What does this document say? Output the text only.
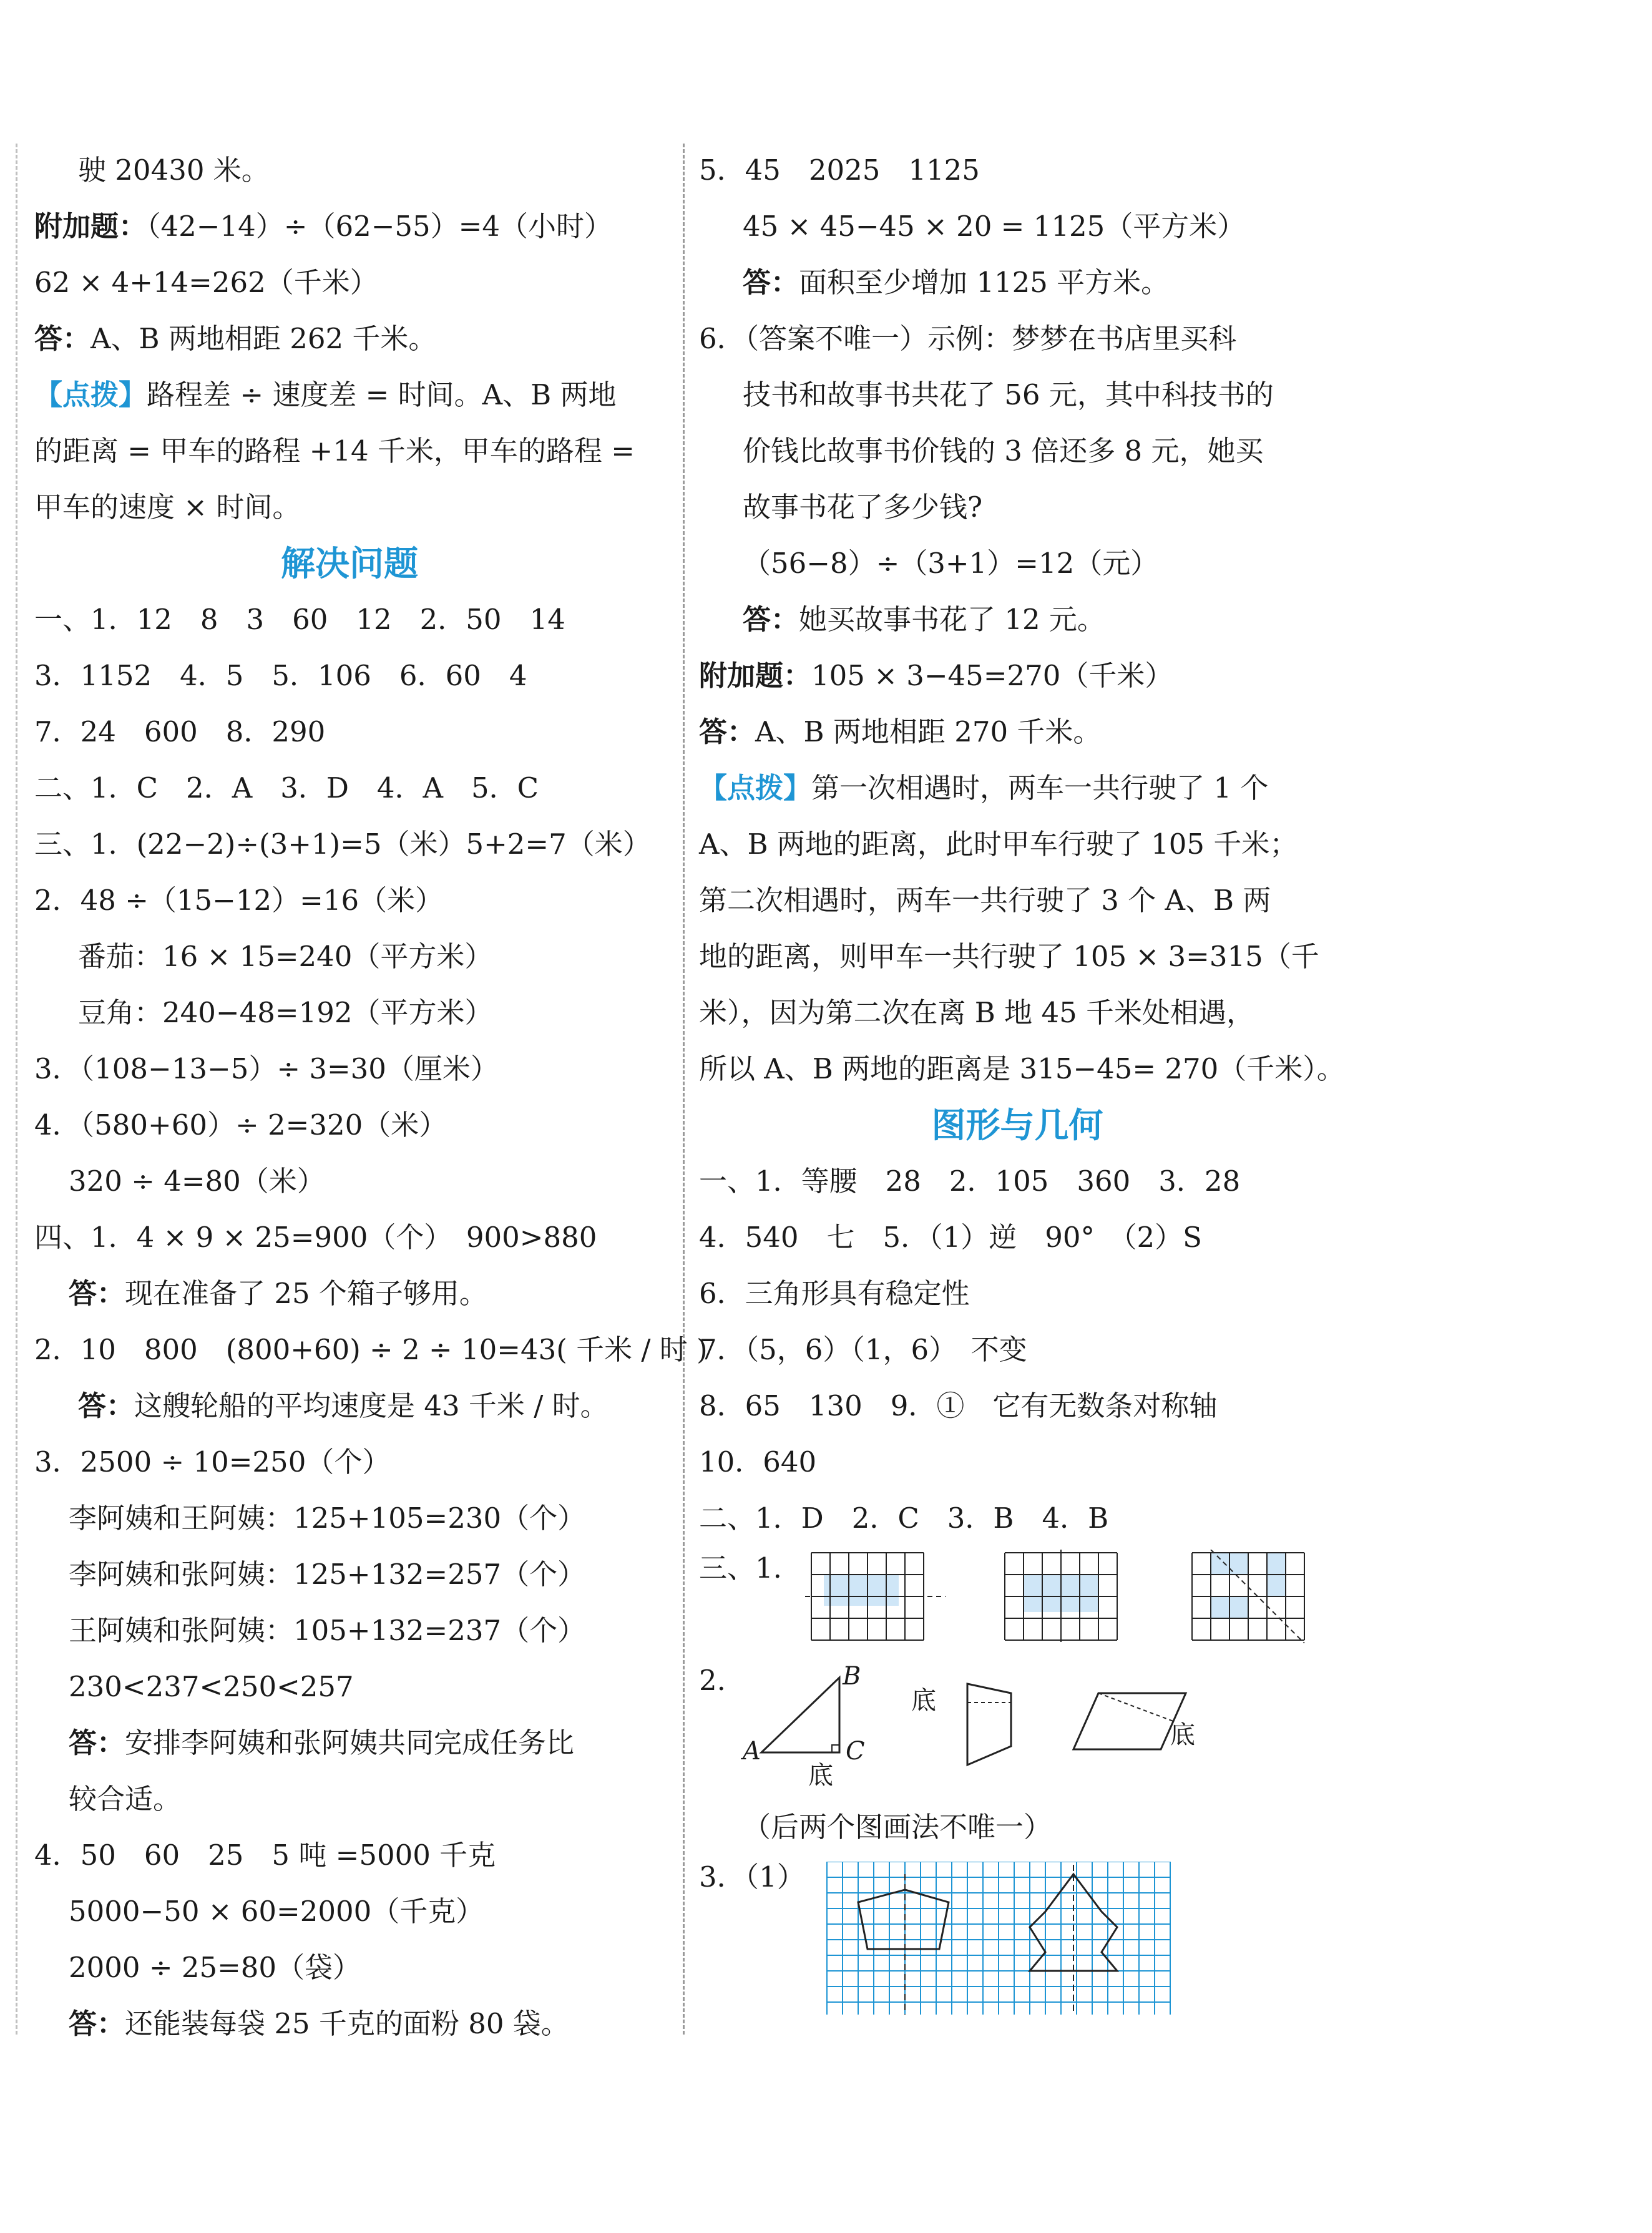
驶 20430 米。
附加题：（42−14）÷（62−55）=4（小时）
62 × 4+14=262（千米）
答：A、B 两地相距 262 千米。
【点拨】路程差 ÷ 速度差 = 时间。A、B 两地
的距离 = 甲车的路程 +14 千米，甲车的路程 =
甲车的速度 × 时间。
解决问题
一、1．12　8　3　60　12　2．50　14
3．1152　4．5　5．106　6．60　4
7．24　600　8．290
二、1．C　2．A　3．D　4．A　5．C
三、1．(22−2)÷(3+1)=5（米）5+2=7（米）
2．48 ÷（15−12）=16（米）
番茄：16 × 15=240（平方米）
豆角：240−48=192（平方米）
3．（108−13−5）÷ 3=30（厘米）
4．（580+60）÷ 2=320（米）
320 ÷ 4=80（米）
四、1．4 × 9 × 25=900（个）　900>880
答：现在准备了 25 个箱子够用。
2．10　800　(800+60) ÷ 2 ÷ 10=43( 千米 / 时 )
答：这艘轮船的平均速度是 43 千米 / 时。
3．2500 ÷ 10=250（个）
李阿姨和王阿姨：125+105=230（个）
李阿姨和张阿姨：125+132=257（个）
王阿姨和张阿姨：105+132=237（个）
230<237<250<257
答：安排李阿姨和张阿姨共同完成任务比
较合适。
4．50　60　25　5 吨 =5000 千克
5000−50 × 60=2000（千克）
2000 ÷ 25=80（袋）
答：还能装每袋 25 千克的面粉 80 袋。
5．45　2025　1125
45 × 45−45 × 20 = 1125（平方米）
答：面积至少增加 1125 平方米。
6．（答案不唯一）示例：梦梦在书店里买科
技书和故事书共花了 56 元，其中科技书的
价钱比故事书价钱的 3 倍还多 8 元，她买
故事书花了多少钱?
（56−8）÷（3+1）=12（元）
答：她买故事书花了 12 元。
附加题：105 × 3−45=270（千米）
答：A、B 两地相距 270 千米。
【点拨】第一次相遇时，两车一共行驶了 1 个
A、B 两地的距离，此时甲车行驶了 105 千米；
第二次相遇时，两车一共行驶了 3 个 A、B 两
地的距离，则甲车一共行驶了 105 × 3=315（千
米），因为第二次在离 B 地 45 千米处相遇，
所以 A、B 两地的距离是 315−45= 270（千米）。
图形与几何
一、1．等腰　28　2．105　360　3．28
4．540　七　5．（1）逆　90°　（2）S
6．三角形具有稳定性
7．（5，6）（1，6）　不变
8．65　130　9．①　它有无数条对称轴
10．640
二、1．D　2．C　3．B　4．B
三、1.
2.
A
B
C
底
底
底
（后两个图画法不唯一）
3．（1）
